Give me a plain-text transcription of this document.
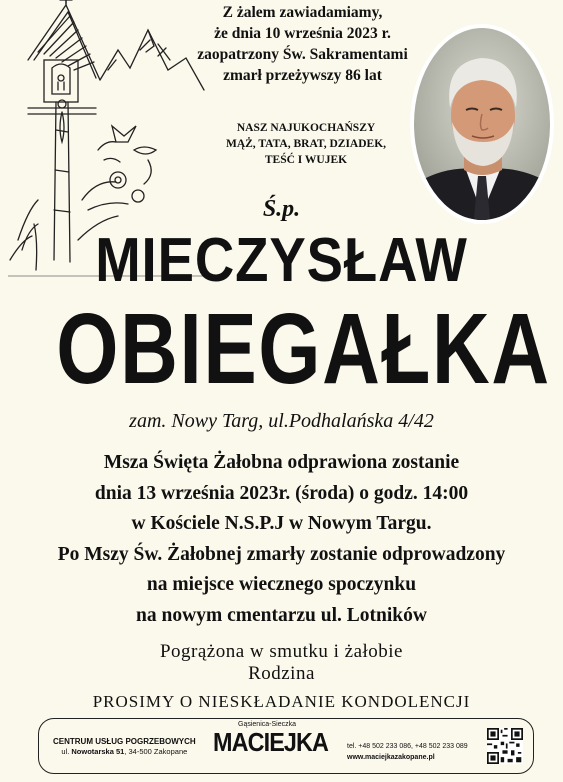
Z żalem zawiadamiamy,
że dnia 10 września 2023 r.
zaopatrzony Św. Sakramentami
zmarł przeżywszy 86 lat
NASZ NAJUKOCHAŃSZY
MĄŻ, TATA, BRAT, DZIADEK,
TEŚĆ I WUJEK
Ś.p.
MIECZYSŁAW
OBIEGAŁKA
zam. Nowy Targ, ul.Podhalańska 4/42
Msza Święta Żałobna odprawiona zostanie
dnia 13 września 2023r. (środa) o godz. 14:00
w Kościele N.S.P.J w Nowym Targu.
Po Mszy Św. Żałobnej zmarły zostanie odprowadzony
na miejsce wiecznego spoczynku
na nowym cmentarzu ul. Lotników
Pogrążona w smutku i żałobie
Rodzina
PROSIMY O NIESKŁADANIE KONDOLENCJI
CENTRUM USŁUG POGRZEBOWYCH
ul. Nowotarska 51, 34-500 Zakopane
Gąsienica-Sieczka
MACIEJKA	tel. +48 502 233 086, +48 502 233 089
www.maciejkazakopane.pl
